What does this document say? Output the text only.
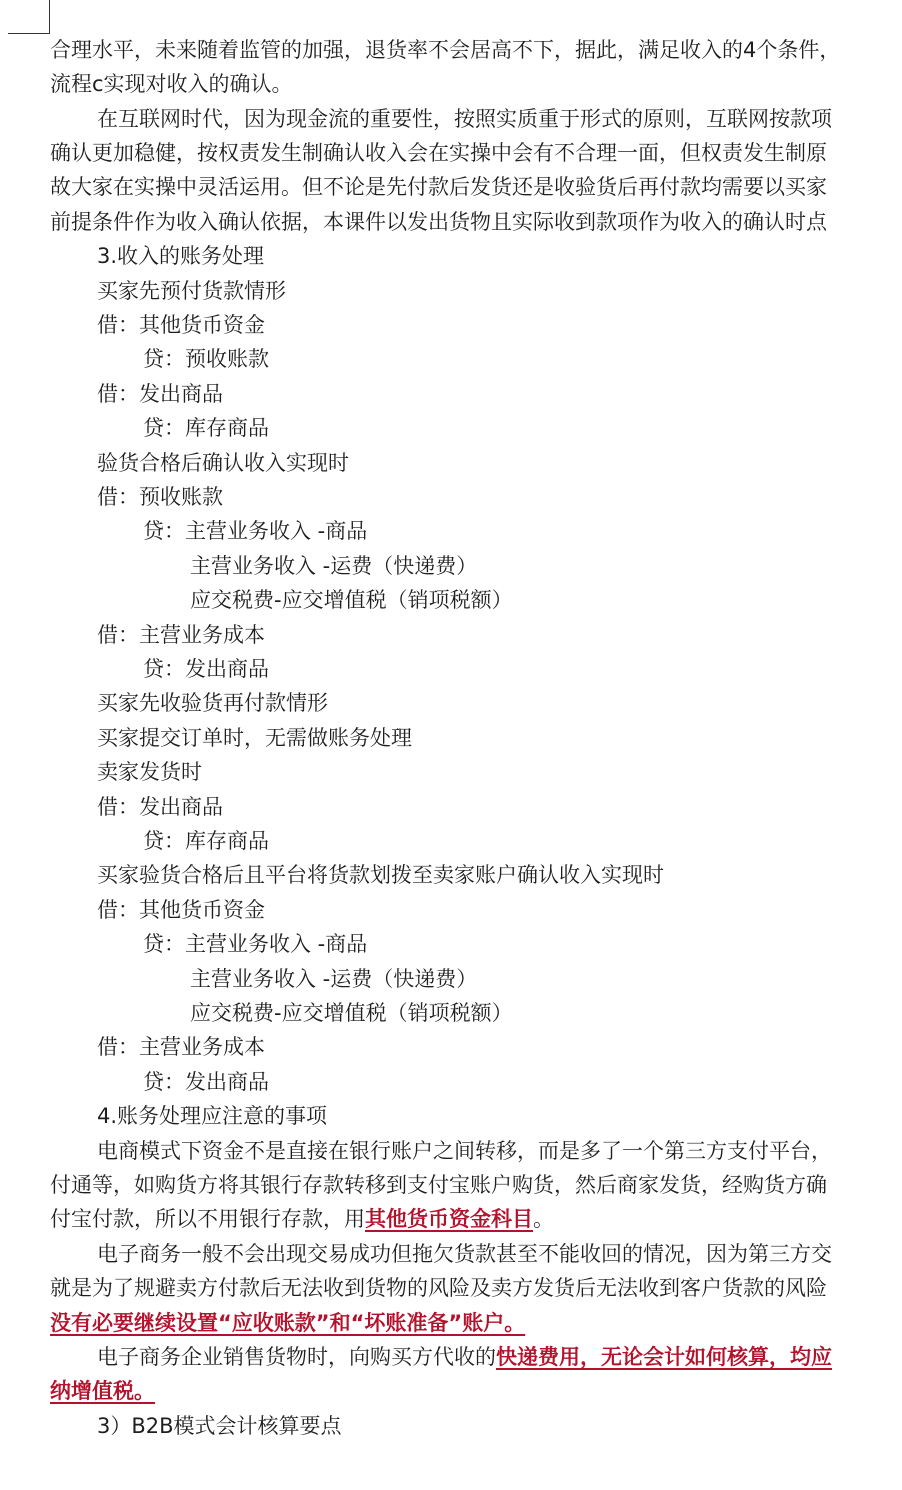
合理水平，未来随着监管的加强，退货率不会居高不下，据此，满足收入的4个条件，
流程c实现对收入的确认。
在互联网时代，因为现金流的重要性，按照实质重于形式的原则，互联网按款项
确认更加稳健，按权责发生制确认收入会在实操中会有不合理一面，但权责发生制原
故大家在实操中灵活运用。但不论是先付款后发货还是收验货后再付款均需要以买家
前提条件作为收入确认依据，本课件以发出货物且实际收到款项作为收入的确认时点
3.收入的账务处理
买家先预付货款情形
借：其他货币资金
贷：预收账款
借：发出商品
贷：库存商品
验货合格后确认收入实现时
借：预收账款
贷：主营业务收入 -商品
主营业务收入 -运费（快递费）
应交税费-应交增值税（销项税额）
借：主营业务成本
贷：发出商品
买家先收验货再付款情形
买家提交订单时，无需做账务处理
卖家发货时
借：发出商品
贷：库存商品
买家验货合格后且平台将货款划拨至卖家账户确认收入实现时
借：其他货币资金
贷：主营业务收入 -商品
主营业务收入 -运费（快递费）
应交税费-应交增值税（销项税额）
借：主营业务成本
贷：发出商品
4.账务处理应注意的事项
电商模式下资金不是直接在银行账户之间转移，而是多了一个第三方支付平台，
付通等，如购货方将其银行存款转移到支付宝账户购货，然后商家发货，经购货方确
付宝付款，所以不用银行存款，用其他货币资金科目。
电子商务一般不会出现交易成功但拖欠货款甚至不能收回的情况，因为第三方交
就是为了规避卖方付款后无法收到货物的风险及卖方发货后无法收到客户货款的风险
没有必要继续设置“应收账款”和“坏账准备”账户。
电子商务企业销售货物时，向购买方代收的快递费用，无论会计如何核算，均应
纳增值税。
3）B2B模式会计核算要点
